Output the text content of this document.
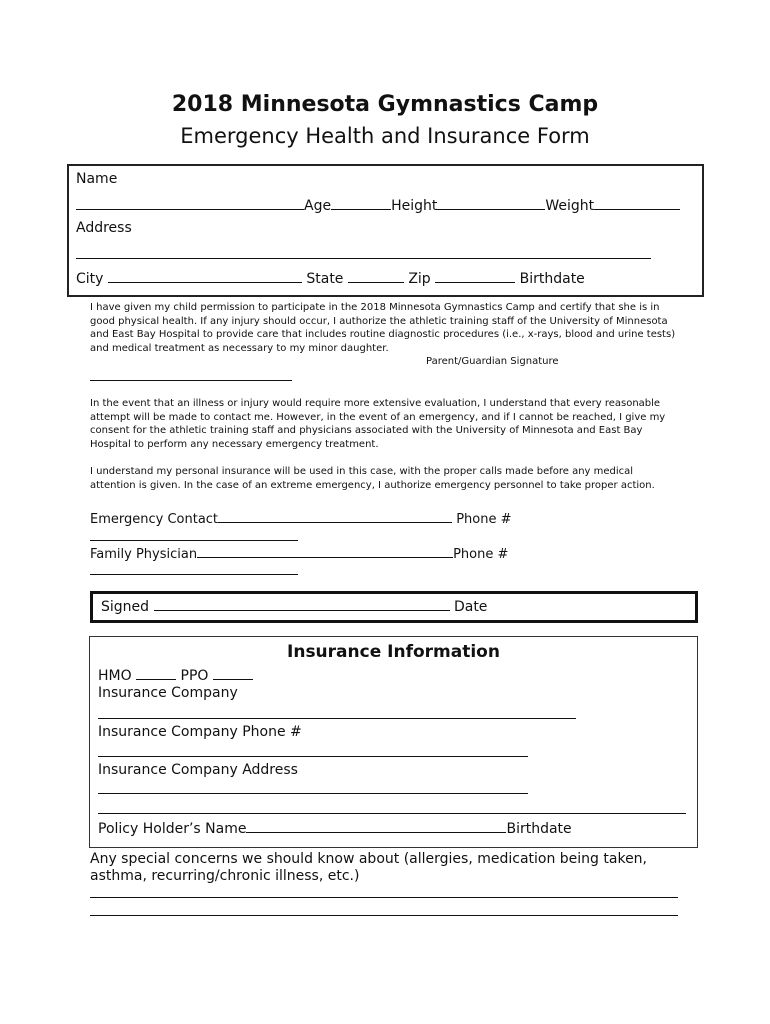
2018 Minnesota Gymnastics Camp
Emergency Health and Insurance Form
Name
Age	Height	Weight
Address
City	State	Zip	Birthdate
I have given my child permission to participate in the 2018 Minnesota Gymnastics Camp and certify that she is in good physical health. If any injury should occur, I authorize the athletic training staff of the University of Minnesota and East Bay Hospital to provide care that includes routine diagnostic procedures (i.e., x-rays, blood and urine tests) and medical treatment as necessary to my minor daughter.
Parent/Guardian Signature
In the event that an illness or injury would require more extensive evaluation, I understand that every reasonable attempt will be made to contact me. However, in the event of an emergency, and if I cannot be reached, I give my consent for the athletic training staff and physicians associated with the University of Minnesota and East Bay Hospital to perform any necessary emergency treatment.
I understand my personal insurance will be used in this case, with the proper calls made before any medical attention is given. In the case of an extreme emergency, I authorize emergency personnel to take proper action.
Emergency Contact	Phone #
Family Physician	Phone #
Signed	Date
Insurance Information
HMO	PPO
Insurance Company
Insurance Company Phone #
Insurance Company Address
Policy Holder’s Name	Birthdate
Any special concerns we should know about (allergies, medication being taken, asthma, recurring/chronic illness, etc.)
